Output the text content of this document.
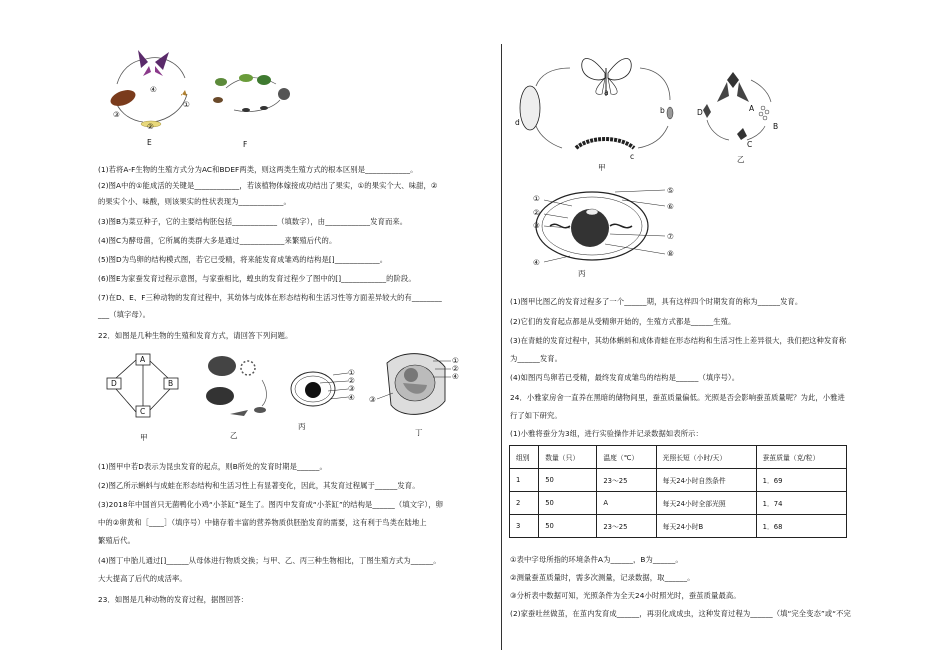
④
③
②
①
E	F
(1)若将A-F生物的生殖方式分为AC和BDEF两类，则这两类生殖方式的根本区别是____________。
(2)图A中的①能成活的关键是____________，若该植物体嫁接成功结出了果实，①的果实个大、味甜，②
的果实个小、味酸，则该果实的性状表现为____________。
(3)图B为菜豆种子，它的主要结构胚包括____________（填数字），由____________发育而来。
(4)图C为酵母菌，它所属的类群大多是通过____________来繁殖后代的。
(5)图D为鸟卵的结构模式图，若它已受精，将来能发育成雏鸡的结构是[]____________。
(6)图E为家蚕发育过程示意图，与家蚕相比，蝗虫的发育过程少了图中的[]____________的阶段。
(7)在D、E、F三种动物的发育过程中，其幼体与成体在形态结构和生活习性等方面差异较大的有________
___（填字母）。
22．如图是几种生物的生殖和发育方式，请回答下列问题。
A
B
C
D
甲	乙
①
②
③
④
丙
①
②
④
③
丁
(1)图甲中若D表示为昆虫发育的起点，则B所处的发育时期是______。
(2)图乙所示蝌蚪与成蛙在形态结构和生活习性上有显著变化，因此，其发育过程属于______发育。
(3)2018年中国首只无菌鸭化小鸡“小茶缸”诞生了。图丙中发育成“小茶缸”的结构是______（填文字），卵
中的②卵黄和［____］（填序号）中储存着丰富的营养物质供胚胎发育的需要，这有利于鸟类在陆地上
繁殖后代。
(4)图丁中胎儿通过[]______从母体进行物质交换；与甲、乙、丙三种生物相比，丁图生殖方式为______。
大大提高了后代的成活率。
23．如图是几种动物的发育过程，据图回答：
a
b
c
d
甲
A
B
C
D
乙
①
②
③
④
⑤
⑥
⑦
⑧
丙
(1)图甲比图乙的发育过程多了一个______期，具有这样四个时期发育的称为______发育。
(2)它们的发育起点都是从受精卵开始的，生殖方式都是______生殖。
(3)在青蛙的发育过程中，其幼体蝌蚪和成体青蛙在形态结构和生活习性上差异很大，我们把这种发育称
为______发育。
(4)如图丙鸟卵若已受精，最终发育成雏鸟的结构是______（填序号）。
24．小雅家房舍一直养在黑暗的储物间里，蚕茧质量偏低。光照是否会影响蚕茧质量呢？为此，小雅进
行了如下研究。
(1)小雅将蚕分为3组，进行实验操作并记录数据如表所示：
组别	数量（只）	温度（℃）	光照长短（小时/天）	蚕茧质量（克/粒）
1	50	23～25	每天24小时自然条件	1．69
2	50	A	每天24小时全部光照	1．74
3	50	23～25	每天24小时B	1．68
①表中字母所指的环境条件A为______，B为______。
②测量蚕茧质量时，需多次测量，记录数据，取______。
③分析表中数据可知，光照条件为全天24小时照光时，蚕茧质量最高。
(2)家蚕吐丝做茧，在茧内发育成______，再羽化成成虫，这种发育过程为______（填“完全变态”或“不完
